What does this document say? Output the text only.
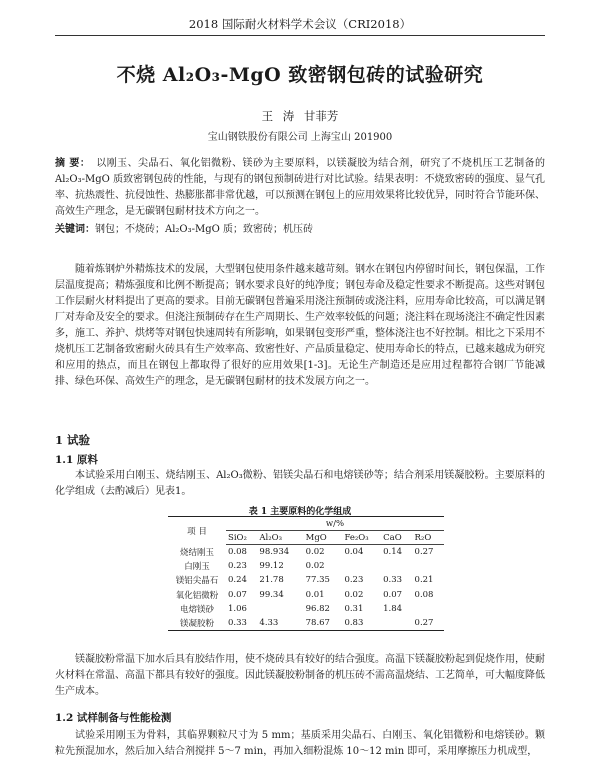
2018 国际耐火材料学术会议（CRI2018）
不烧 Al₂O₃-MgO 致密钢包砖的试验研究
王 涛 甘菲芳
宝山钢铁股份有限公司 上海宝山 201900
摘 要： 以刚玉、尖晶石、氧化铝微粉、镁砂为主要原料，以镁凝胶为结合剂，研究了不烧机压工艺制备的 Al₂O₃-MgO 质致密钢包砖的性能，与现有的钢包预制砖进行对比试验。结果表明：不烧致密砖的强度、显气孔率、抗热震性、抗侵蚀性、热膨胀都非常优越，可以预测在钢包上的应用效果将比较优异，同时符合节能环保、高效生产理念，是无碳钢包耐材技术方向之一。
关键词：钢包；不烧砖；Al₂O₃-MgO 质；致密砖；机压砖

随着炼钢炉外精炼技术的发展，大型钢包使用条件越来越苛刻。钢水在钢包内停留时间长，钢包保温，工作层温度提高；精炼强度和比例不断提高；钢水要求良好的纯净度；钢包寿命及稳定性要求不断提高。这些对钢包工作层耐火材料提出了更高的要求。目前无碳钢包普遍采用浇注预制砖或浇注料，应用寿命比较高，可以满足钢厂对寿命及安全的要求。但浇注预制砖存在生产周期长、生产效率较低的问题；浇注料在现场浇注不确定性因素多，施工、养护、烘烤等对钢包快速周转有所影响，如果钢包变形严重，整体浇注也不好控制。相比之下采用不烧机压工艺制备致密耐火砖具有生产效率高、致密性好、产品质量稳定、使用寿命长的特点，已越来越成为研究和应用的热点，而且在钢包上都取得了很好的应用效果[1-3]。无论生产制造还是应用过程都符合钢厂节能减排、绿色环保、高效生产的理念，是无碳钢包耐材的技术发展方向之一。

1 试验
1.1 原料

本试验采用白刚玉、烧结刚玉、Al₂O₃微粉、铝镁尖晶石和电熔镁砂等；结合剂采用镁凝胶粉。主要原料的化学组成（去酌减后）见表1。

表 1 主要原料的化学组成
项 目	w/%					
	SiO₂	Al₂O₃	MgO	Fe₂O₃	CaO	R₂O
烧结刚玉	0.08	98.934	0.02	0.04	0.14	0.27
白刚玉	0.23	99.12	0.02			
镁铝尖晶石	0.24	21.78	77.35	0.23	0.33	0.21
氧化铝微粉	0.07	99.34	0.01	0.02	0.07	0.08
电熔镁砂	1.06		96.82	0.31	1.84	
镁凝胶粉	0.33	4.33	78.67	0.83		0.27

镁凝胶粉常温下加水后具有胶结作用，使不烧砖具有较好的结合强度。高温下镁凝胶粉起到促烧作用，使耐火材料在常温、高温下都具有较好的强度。因此镁凝胶粉制备的机压砖不需高温烧结、工艺简单，可大幅度降低生产成本。

1.2 试样制备与性能检测
试验采用刚玉为骨料，其临界颗粒尺寸为 5 mm；基质采用尖晶石、白刚玉、氧化铝微粉和电熔镁砂。颗粒先预混加水，然后加入结合剂搅拌 5～7 min，再加入细粉混炼 10～12 min 即可，采用摩擦压力机成型，
